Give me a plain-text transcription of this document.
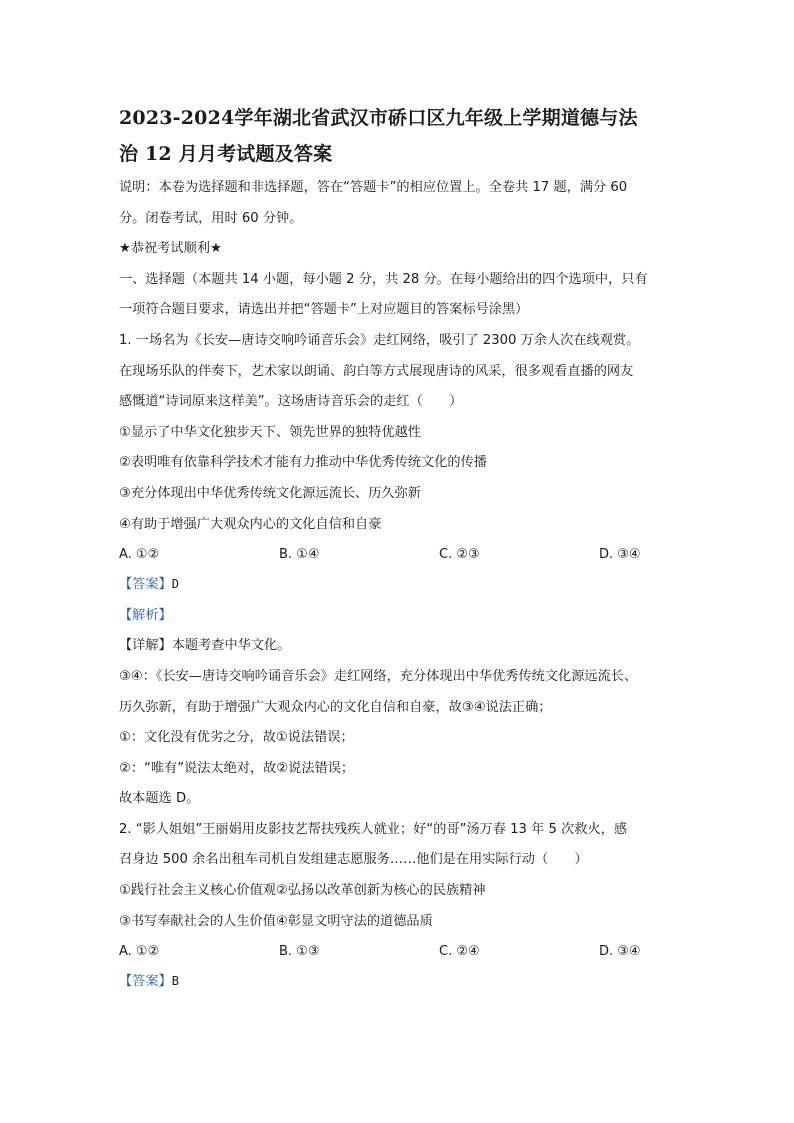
2023-2024学年湖北省武汉市硚口区九年级上学期道德与法
治 12 月月考试题及答案
说明：本卷为选择题和非选择题，答在“答题卡”的相应位置上。全卷共 17 题，满分 60
分。闭卷考试，用时 60 分钟。
★恭祝考试顺利★
一、选择题（本题共 14 小题，每小题 2 分，共 28 分。在每小题给出的四个选项中，只有
一项符合题目要求，请选出并把“答题卡”上对应题目的答案标号涂黑）
1. 一场名为《长安—唐诗交响吟诵音乐会》走红网络，吸引了 2300 万余人次在线观赏。
在现场乐队的伴奏下，艺术家以朗诵、韵白等方式展现唐诗的风采，很多观看直播的网友
感慨道“诗词原来这样美”。这场唐诗音乐会的走红（　　）
①显示了中华文化独步天下、领先世界的独特优越性
②表明唯有依靠科学技术才能有力推动中华优秀传统文化的传播
③充分体现出中华优秀传统文化源远流长、历久弥新
④有助于增强广大观众内心的文化自信和自豪
A. ①②	B. ①④	C. ②③	D. ③④
【答案】D
【解析】
【详解】本题考查中华文化。
③④：《长安—唐诗交响吟诵音乐会》走红网络，充分体现出中华优秀传统文化源远流长、
历久弥新，有助于增强广大观众内心的文化自信和自豪，故③④说法正确；
①：文化没有优劣之分，故①说法错误；
②：“唯有”说法太绝对，故②说法错误；
故本题选 D。
2. “影人姐姐”王丽娟用皮影技艺帮扶残疾人就业；好“的哥”汤万春 13 年 5 次救火，感
召身边 500 余名出租车司机自发组建志愿服务……他们是在用实际行动（　　）
①践行社会主义核心价值观②弘扬以改革创新为核心的民族精神
③书写奉献社会的人生价值④彰显文明守法的道德品质
A. ①②	B. ①③	C. ②④	D. ③④
【答案】B
